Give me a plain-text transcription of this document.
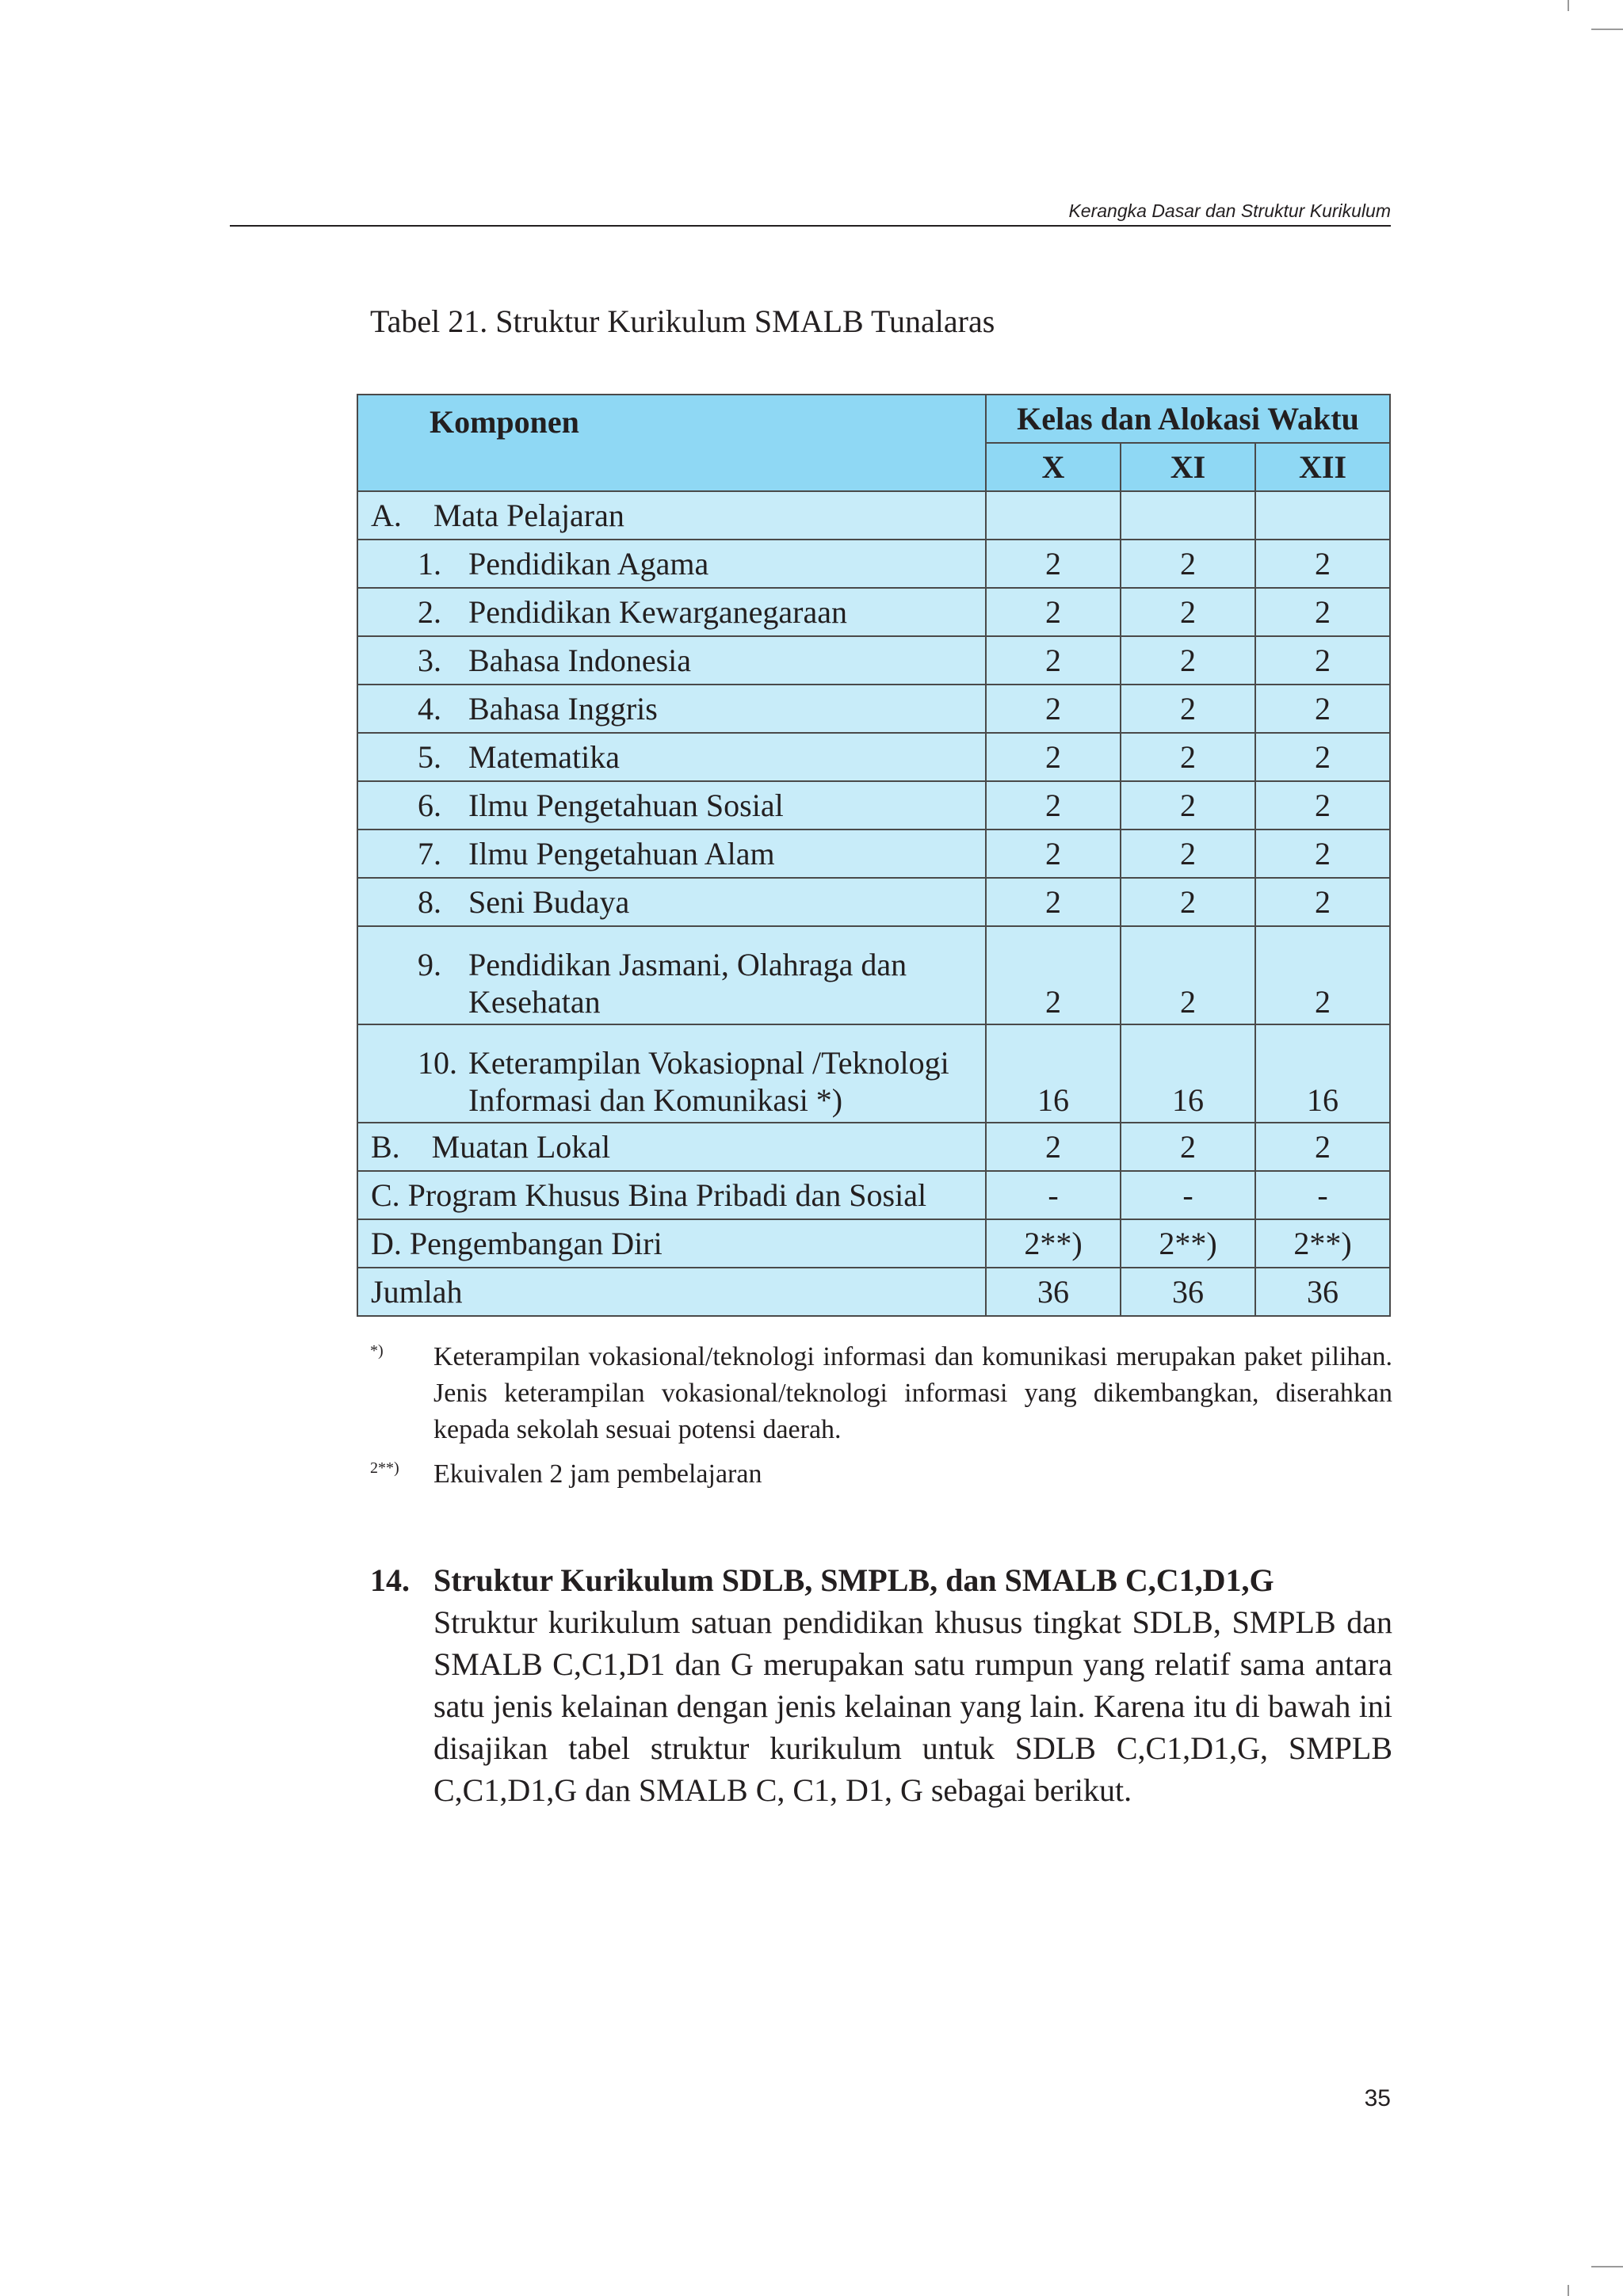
Kerangka Dasar dan Struktur Kurikulum
Tabel 21. Struktur Kurikulum SMALB Tunalaras
Komponen	Kelas dan Alokasi Waktu		
	X	XI	XII
A. Mata Pelajaran			

1. Pendidikan Agama	2	2	2

2. Pendidikan Kewarganegaraan	2	2	2

3. Bahasa Indonesia	2	2	2

4. Bahasa Inggris	2	2	2

5. Matematika	2	2	2

6. Ilmu Pengetahuan Sosial	2	2	2

7. Ilmu Pengetahuan Alam	2	2	2

8. Seni Budaya	2	2	2

9. Pendidikan Jasmani, Olahraga dan
Kesehatan	2	2	2

10. Keterampilan Vokasiopnal /Teknologi
Informasi dan Komunikasi *)	16	16	16
B. Muatan Lokal	2	2	2
C. Program Khusus Bina Pribadi dan Sosial	-	-	-
D. Pengembangan Diri	2**)	2**)	2**)
Jumlah	36	36	36
*)	Keterampilan vokasional/teknologi informasi dan komunikasi merupakan paket pilihan. Jenis keterampilan vokasional/teknologi informasi yang dikembangkan, diserahkan kepada sekolah sesuai potensi daerah.
2**)	Ekuivalen 2 jam pembelajaran
14. Struktur Kurikulum SDLB, SMPLB, dan SMALB C,C1,D1,G
Struktur kurikulum satuan pendidikan khusus tingkat SDLB, SMPLB dan SMALB C,C1,D1 dan G merupakan satu rumpun yang relatif sama antara satu jenis kelainan dengan jenis kelainan yang lain. Karena itu di bawah ini disajikan tabel struktur kurikulum untuk SDLB C,C1,D1,G, SMPLB C,C1,D1,G dan SMALB C, C1, D1, G sebagai berikut.
35
